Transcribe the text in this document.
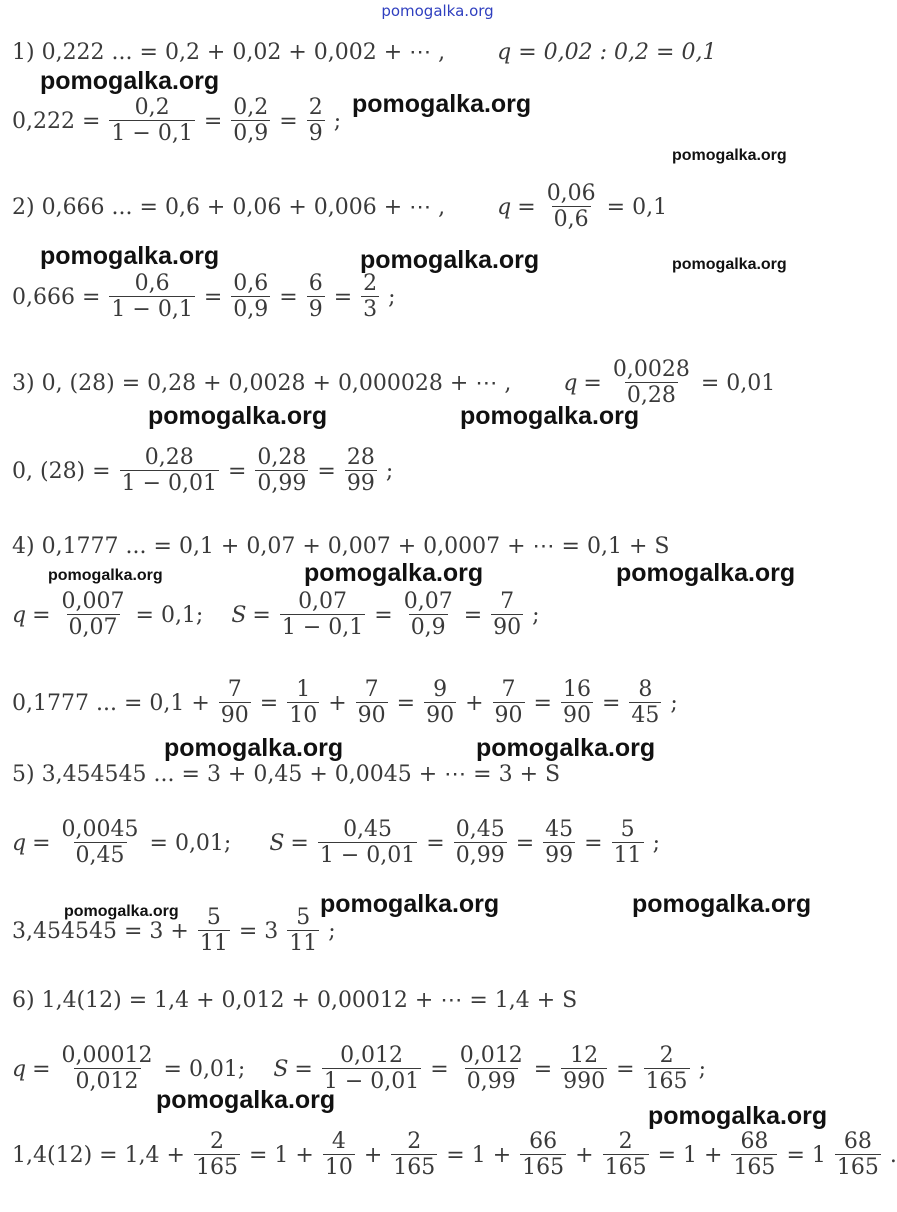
pomogalka.org
1) 0,222 ... = 0,2 + 0,02 + 0,002 + ⋯ , q = 0,02 : 0,2 = 0,1
$0,222 = \frac{0,2}{1 - 0,1} = \frac{0,2}{0,9} = \frac{2}{9}$ ;
2) 0,666 ... = 0,6 + 0,06 + 0,006 + ⋯ , $q = \frac{0,06}{0,6} = 0,1$
$0,666 = \frac{0,6}{1 - 0,1} = \frac{0,6}{0,9} = \frac{6}{9} = \frac{2}{3}$ ;
3) 0, (28) = 0,28 + 0,0028 + 0,000028 + ⋯ , $q = \frac{0,0028}{0,28} = 0,01$
0, $(28) = \frac{0,28}{1 - 0,01} = \frac{0,28}{0,99} = \frac{28}{99}$ ;
4) 0,1777 ... = 0,1 + 0,07 + 0,007 + 0,0007 + ⋯ = 0,1 + S
$q = \frac{0,007}{0,07} = 0,1$; $S = \frac{0,07}{1 - 0,1} = \frac{0,07}{0,9} = \frac{7}{90}$ ;
0,1777 ... = $0,1 + \frac{7}{90} = \frac{1}{10} + \frac{7}{90} = \frac{9}{90} + \frac{7}{90} = \frac{16}{90} = \frac{8}{45}$ ;
5) 3,454545 ... = 3 + 0,45 + 0,0045 + ⋯ = 3 + S
$q = \frac{0,0045}{0,45} = 0,01$; $S = \frac{0,45}{1 - 0,01} = \frac{0,45}{0,99} = \frac{45}{99} = \frac{5}{11}$ ;
$3,454545 = 3 + \frac{5}{11} = 3 \frac{5}{11}$ ;
6) 1,4(12) = 1,4 + 0,012 + 0,00012 + ⋯ = 1,4 + S
$q = \frac{0,00012}{0,012} = 0,01$; $S = \frac{0,012}{1 - 0,01} = \frac{0,012}{0,99} = \frac{12}{990} = \frac{2}{165}$ ;
$1,4(12) = 1,4 + \frac{2}{165} = 1 + \frac{4}{10} + \frac{2}{165} = 1 + \frac{66}{165} + \frac{2}{165} = 1 + \frac{68}{165} = 1 \frac{68}{165}$ .
pomogalka.org
pomogalka.org
pomogalka.org
pomogalka.org	pomogalka.org	pomogalka.org
pomogalka.org	pomogalka.org
pomogalka.org	pomogalka.org	pomogalka.org
pomogalka.org	pomogalka.org
pomogalka.org	pomogalka.org	pomogalka.org
pomogalka.org
pomogalka.org
